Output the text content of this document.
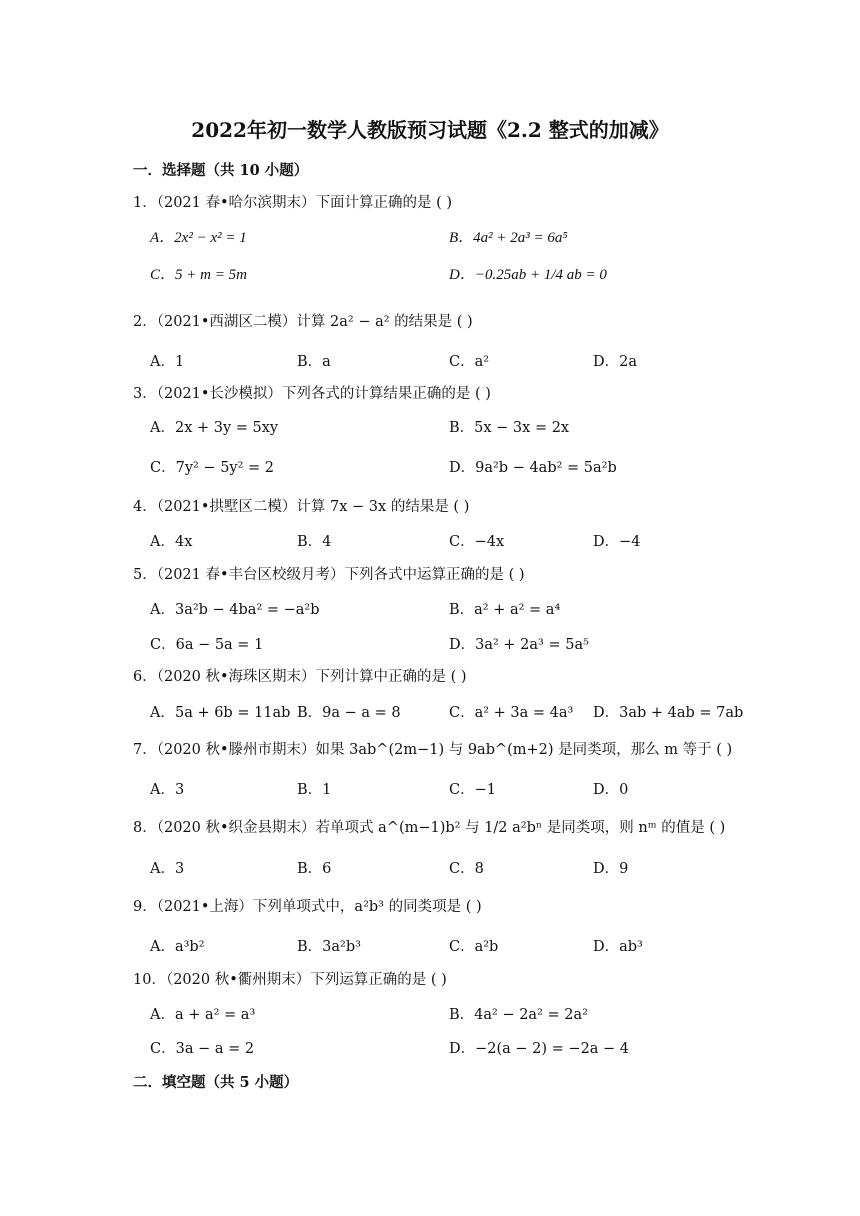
2022年初一数学人教版预习试题《2.2 整式的加减》
一．选择题（共 10 小题）
1．（2021 春•哈尔滨期末）下面计算正确的是 ( )
A．2x² − x² = 1	B．4a² + 2a³ = 6a⁵
C．5 + m = 5m	D．−0.25ab + 1/4 ab = 0
2．（2021•西湖区二模）计算 2a² − a² 的结果是 ( )
A．1	B．a	C．a²	D．2a
3．（2021•长沙模拟）下列各式的计算结果正确的是 ( )
A．2x + 3y = 5xy	B．5x − 3x = 2x
C．7y² − 5y² = 2	D．9a²b − 4ab² = 5a²b
4．（2021•拱墅区二模）计算 7x − 3x 的结果是 ( )
A．4x	B．4	C．−4x	D．−4
5．（2021 春•丰台区校级月考）下列各式中运算正确的是 ( )
A．3a²b − 4ba² = −a²b	B．a² + a² = a⁴
C．6a − 5a = 1	D．3a² + 2a³ = 5a⁵
6．（2020 秋•海珠区期末）下列计算中正确的是 ( )
A．5a + 6b = 11ab B．9a − a = 8	C．a² + 3a = 4a³ D．3ab + 4ab = 7ab
7．（2020 秋•滕州市期末）如果 3ab^(2m−1) 与 9ab^(m+2) 是同类项，那么 m 等于 ( )
A．3	B．1	C．−1	D．0
8．（2020 秋•织金县期末）若单项式 a^(m−1)b² 与 1/2 a²bⁿ 是同类项，则 nᵐ 的值是 ( )
A．3	B．6	C．8	D．9
9．（2021•上海）下列单项式中，a²b³ 的同类项是 ( )
A．a³b²	B．3a²b³	C．a²b	D．ab³
10．（2020 秋•衢州期末）下列运算正确的是 ( )
A．a + a² = a³	B．4a² − 2a² = 2a²
C．3a − a = 2	D．−2(a − 2) = −2a − 4
二．填空题（共 5 小题）
